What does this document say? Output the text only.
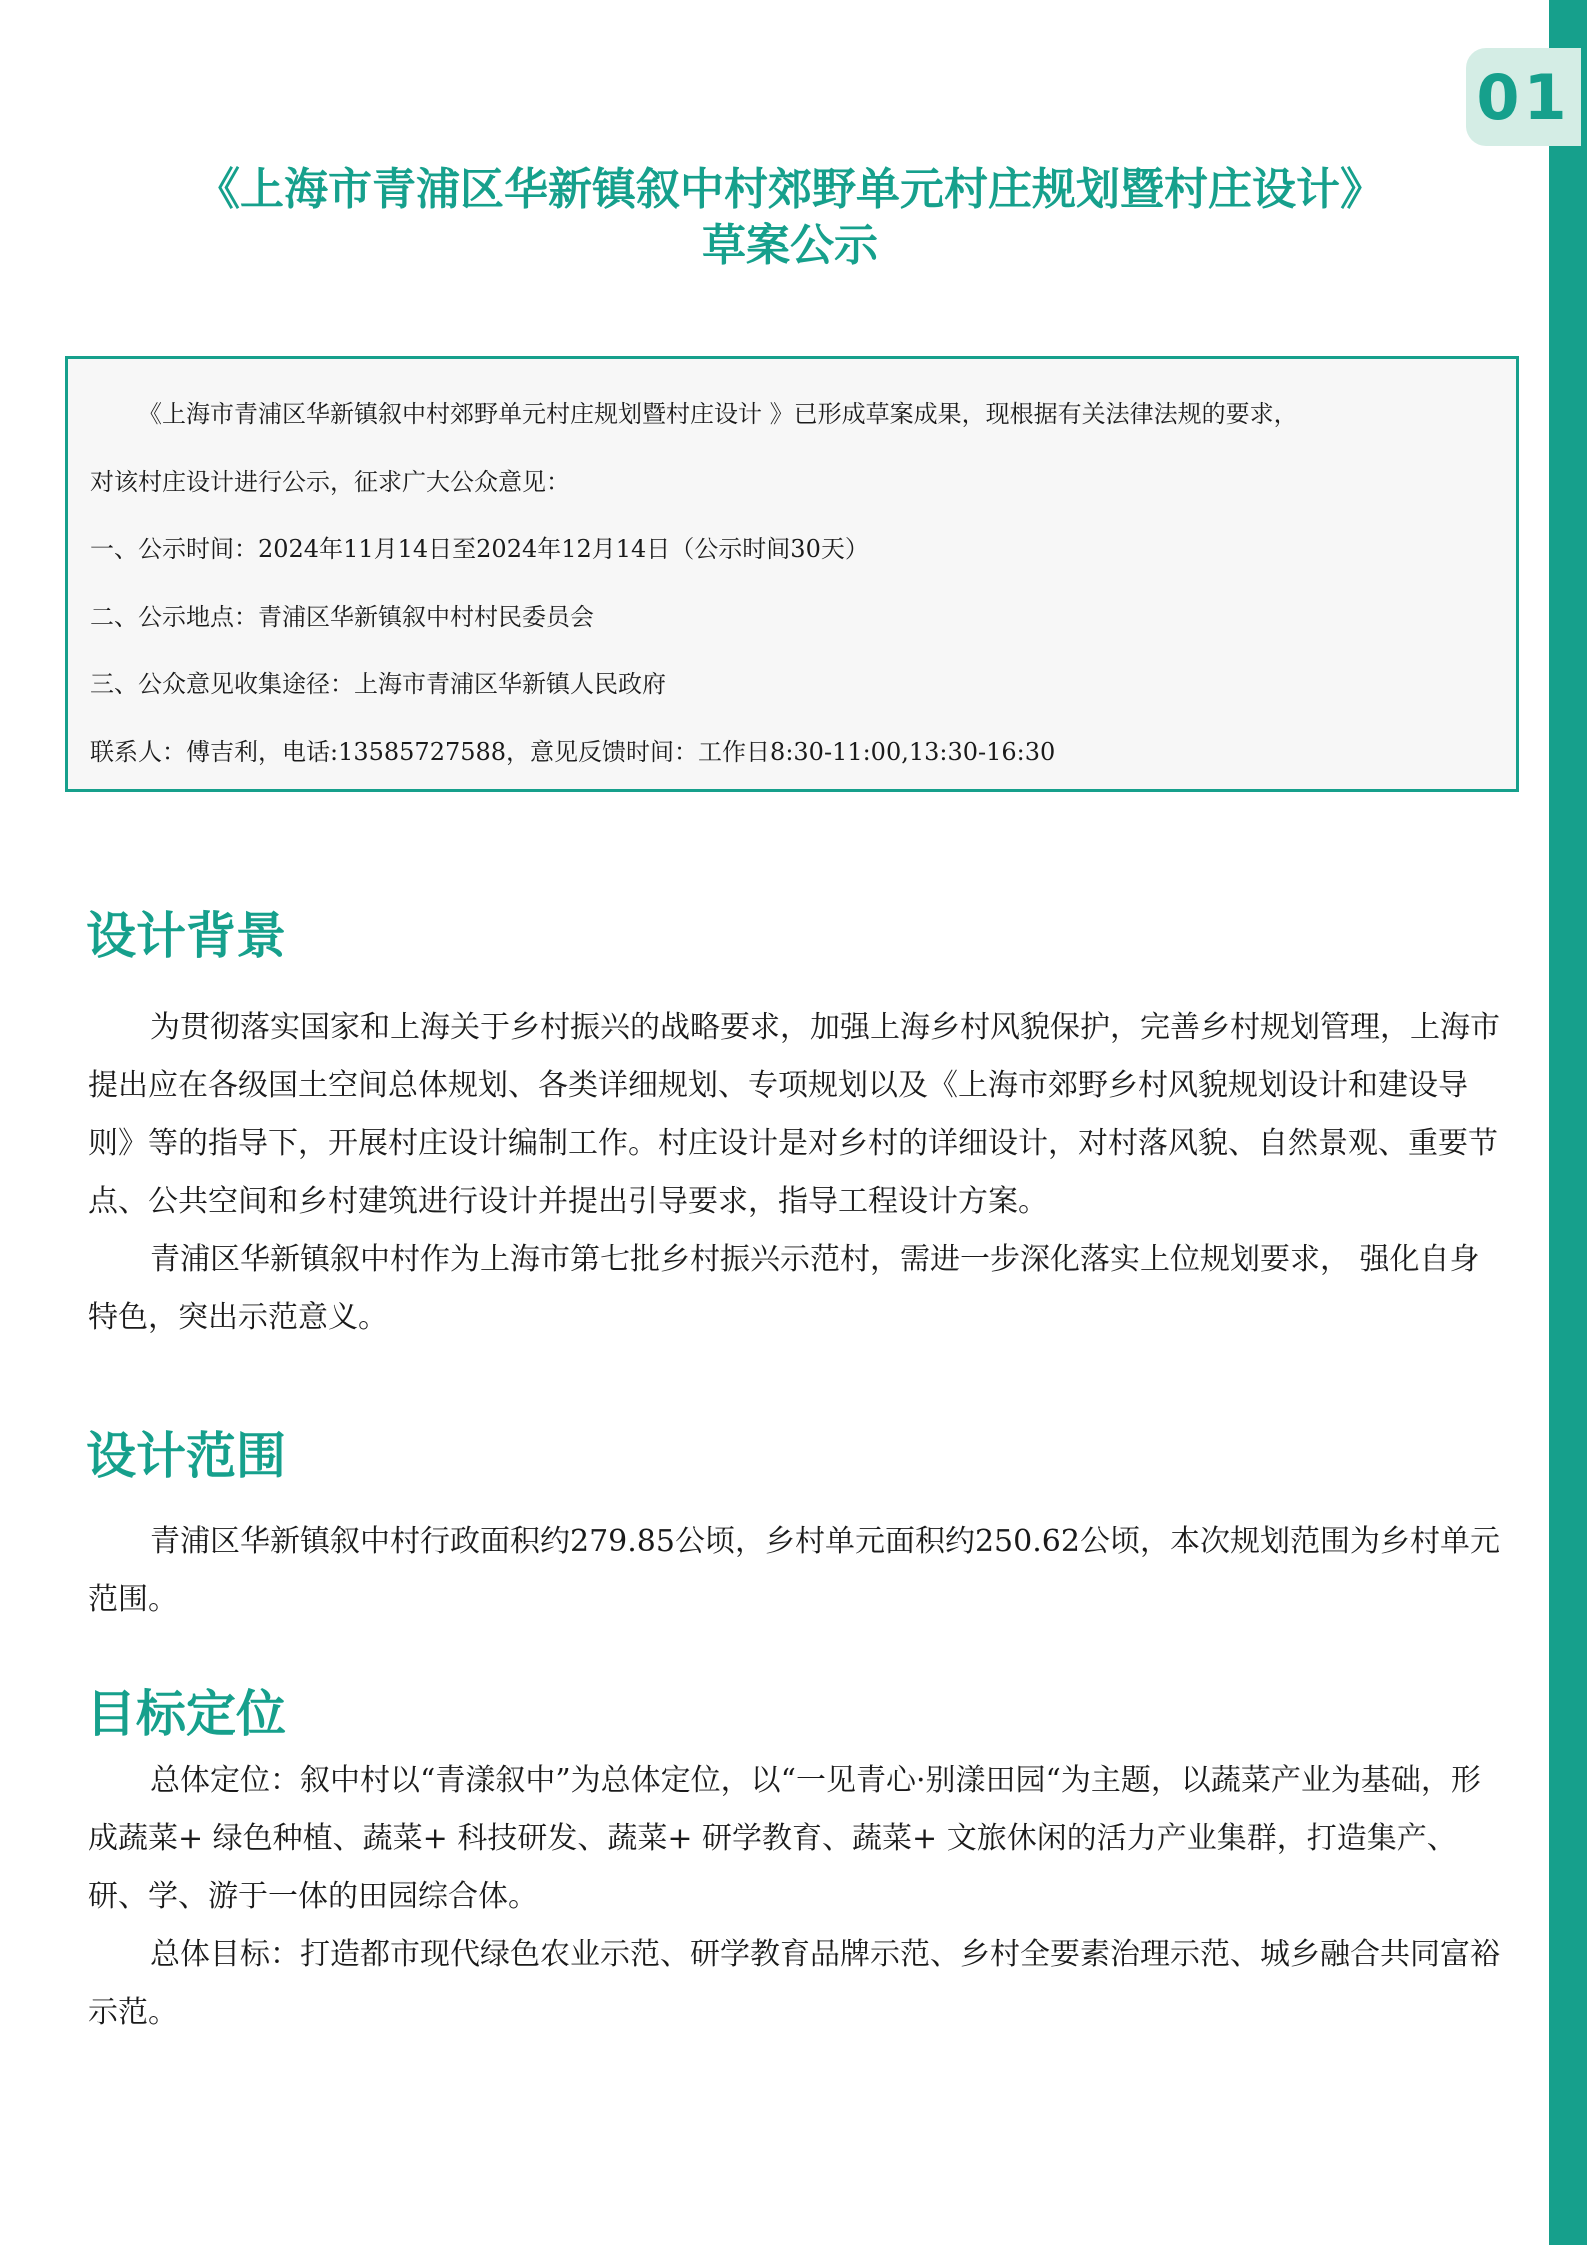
01
《上海市青浦区华新镇叙中村郊野单元村庄规划暨村庄设计》
草案公示

《上海市青浦区华新镇叙中村郊野单元村庄规划暨村庄设计 》已形成草案成果，现根据有关法律法规的要求，

对该村庄设计进行公示，征求广大公众意见：

一、公示时间：2024年11月14日至2024年12月14日（公示时间30天）

二、公示地点：青浦区华新镇叙中村村民委员会

三、公众意见收集途径：上海市青浦区华新镇人民政府

联系人：傅吉利，电话:13585727588，意见反馈时间：工作日8:30-11:00,13:30-16:30

设计背景

为贯彻落实国家和上海关于乡村振兴的战略要求，加强上海乡村风貌保护，完善乡村规划管理，上海市提出应在各级国土空间总体规划、各类详细规划、专项规划以及《上海市郊野乡村风貌规划设计和建设导则》等的指导下，开展村庄设计编制工作。村庄设计是对乡村的详细设计，对村落风貌、自然景观、重要节点、公共空间和乡村建筑进行设计并提出引导要求，指导工程设计方案。

青浦区华新镇叙中村作为上海市第七批乡村振兴示范村，需进一步深化落实上位规划要求， 强化自身特色，突出示范意义。

设计范围

青浦区华新镇叙中村行政面积约279.85公顷，乡村单元面积约250.62公顷，本次规划范围为乡村单元范围。

目标定位

总体定位：叙中村以“青漾叙中”为总体定位，以“一见青心·别漾田园“为主题，以蔬菜产业为基础，形成蔬菜+ 绿色种植、蔬菜+ 科技研发、蔬菜+ 研学教育、蔬菜+ 文旅休闲的活力产业集群，打造集产、研、学、游于一体的田园综合体。

总体目标：打造都市现代绿色农业示范、研学教育品牌示范、乡村全要素治理示范、城乡融合共同富裕示范。
